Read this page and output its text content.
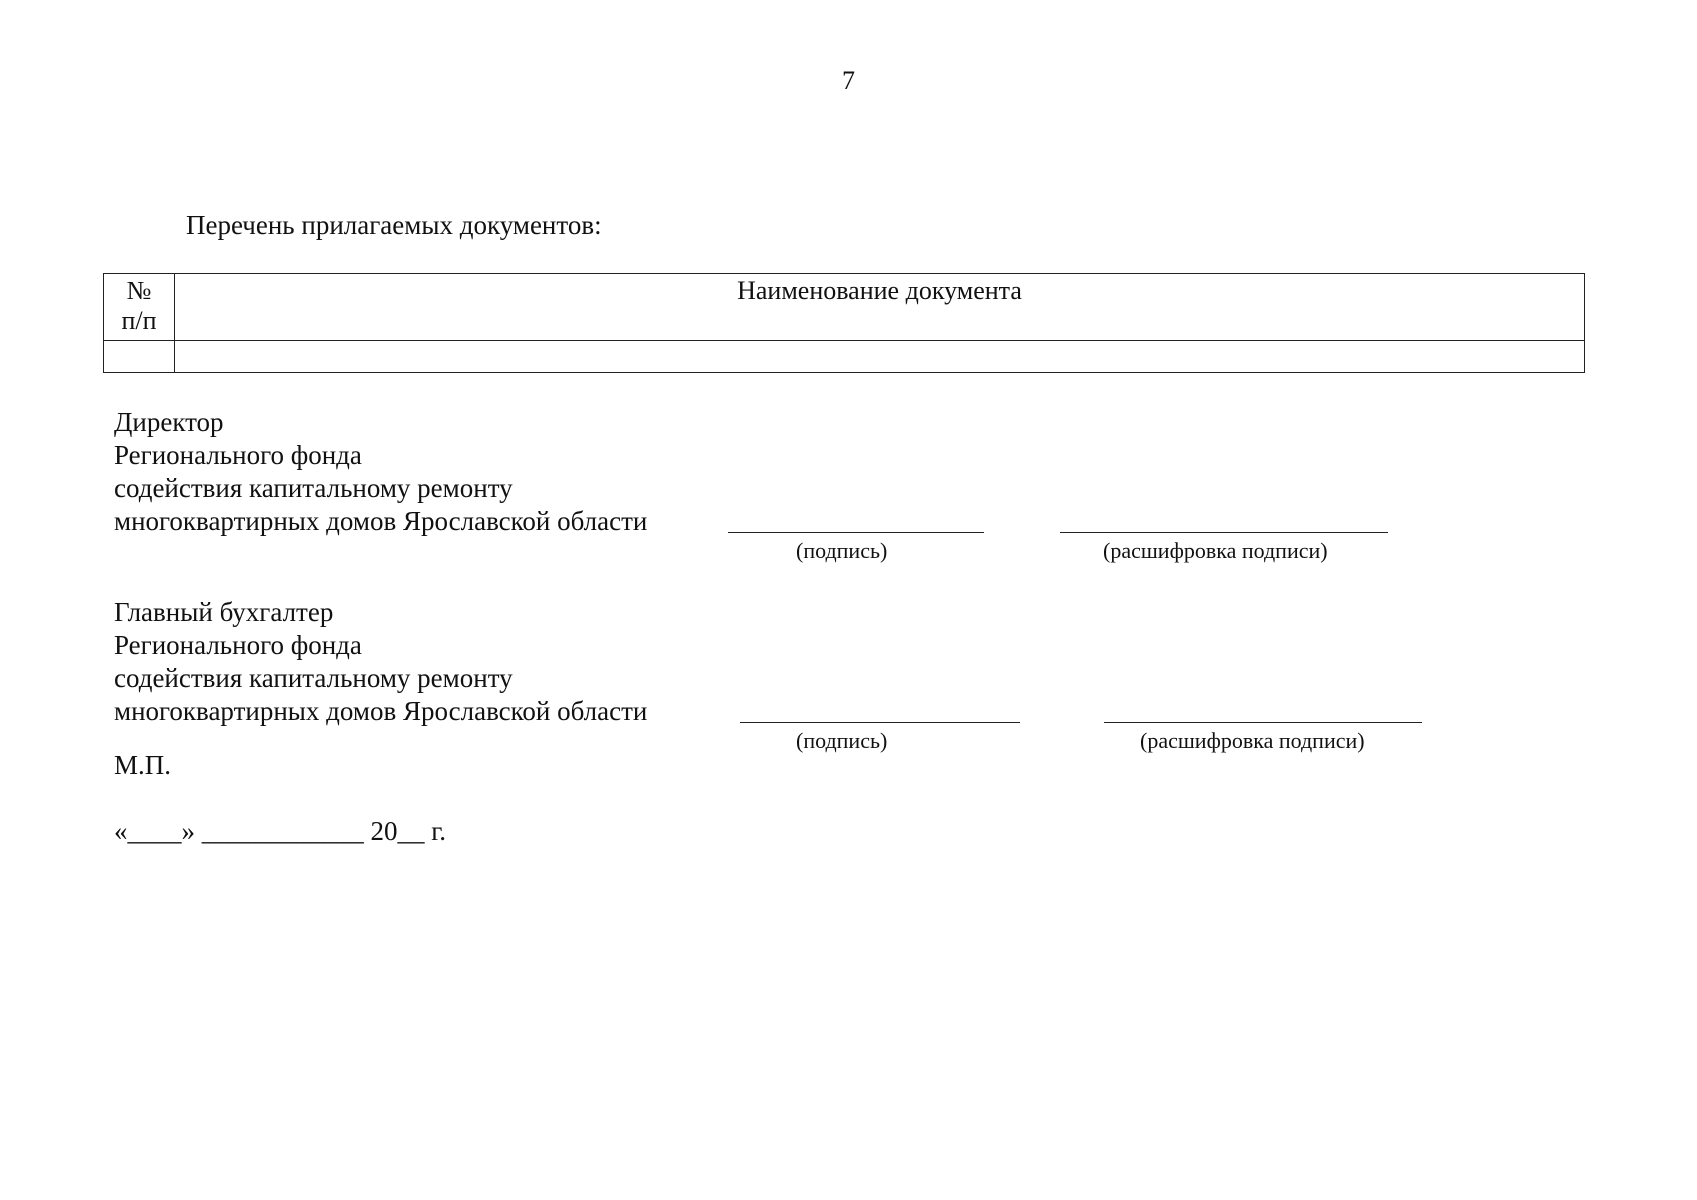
7
Перечень прилагаемых документов:
№
п/п	Наименование документа

Директор
Регионального фонда
содействия капитальному ремонту
многоквартирных домов Ярославской области
(подпись)	(расшифровка подписи)
Главный бухгалтер
Регионального фонда
содействия капитальному ремонту
многоквартирных домов Ярославской области
(подпись)	(расшифровка подписи)
М.П.
«____» ____________ 20__ г.
